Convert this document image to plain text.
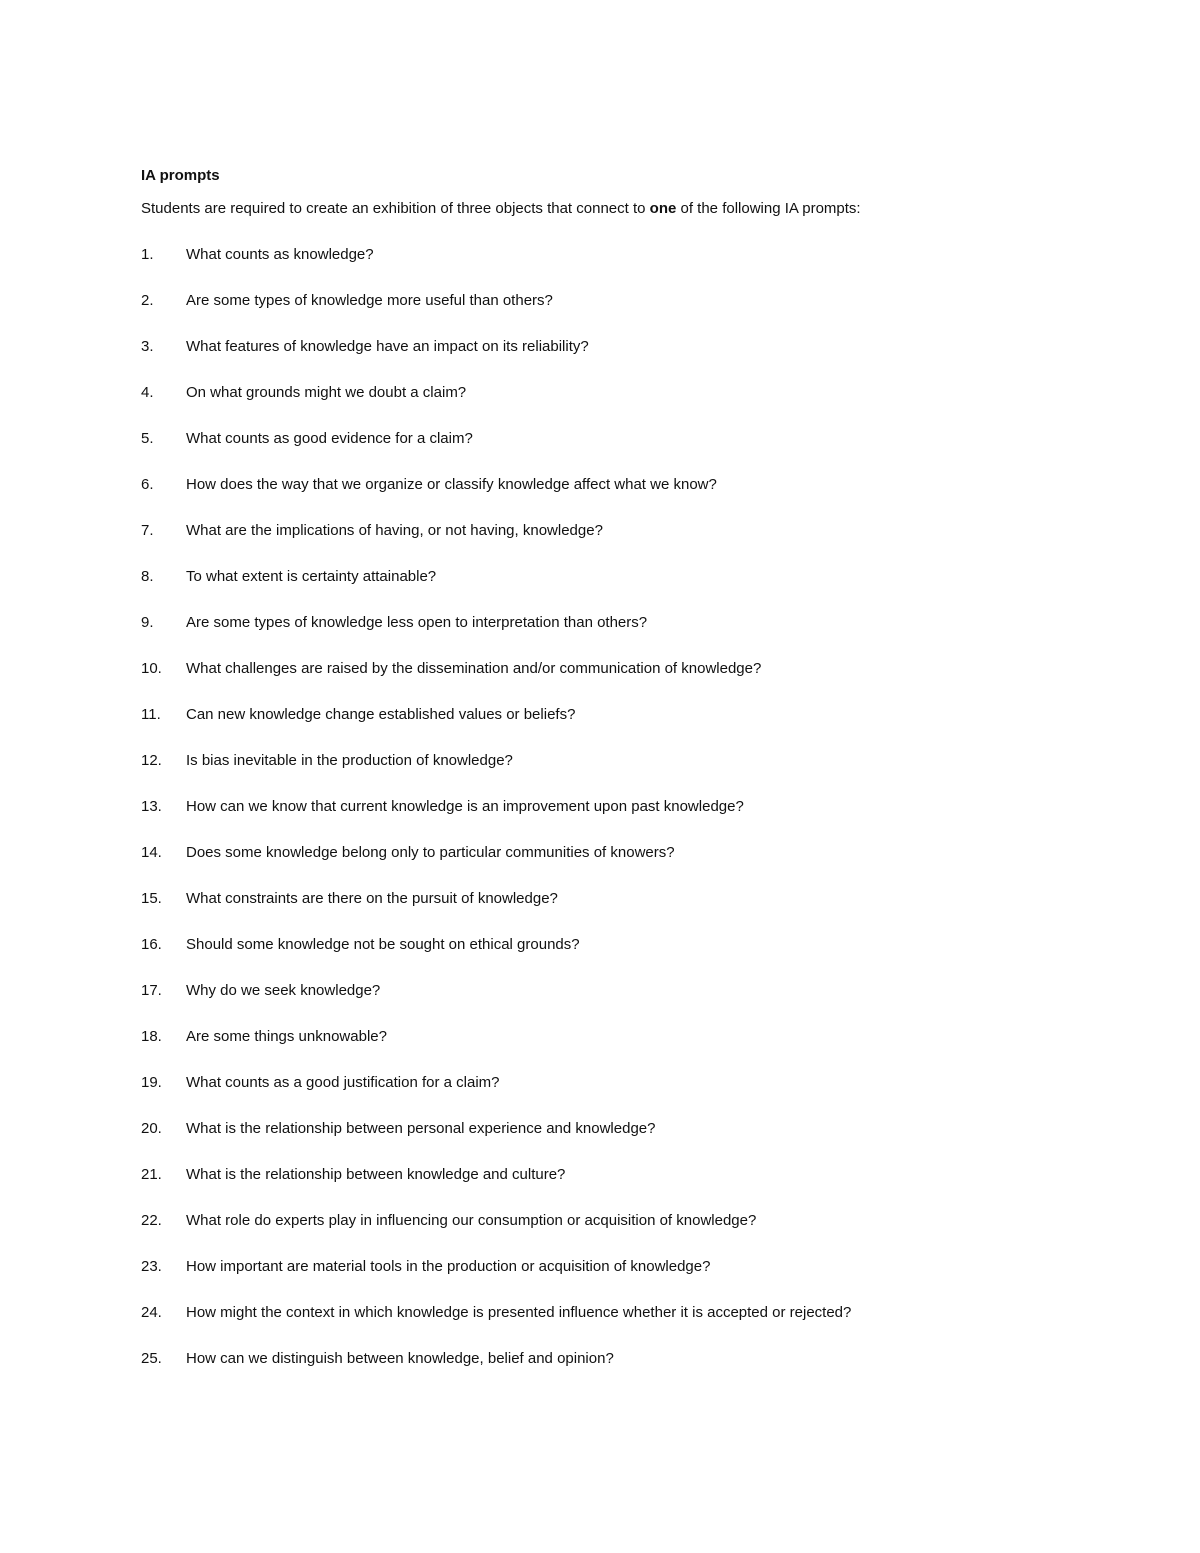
IA prompts
Students are required to create an exhibition of three objects that connect to one of the following IA prompts:
1.	What counts as knowledge?
2.	Are some types of knowledge more useful than others?
3.	What features of knowledge have an impact on its reliability?
4.	On what grounds might we doubt a claim?
5.	What counts as good evidence for a claim?
6.	How does the way that we organize or classify knowledge affect what we know?
7.	What are the implications of having, or not having, knowledge?
8.	To what extent is certainty attainable?
9.	Are some types of knowledge less open to interpretation than others?
10.	What challenges are raised by the dissemination and/or communication of knowledge?
11.	Can new knowledge change established values or beliefs?
12.	Is bias inevitable in the production of knowledge?
13.	How can we know that current knowledge is an improvement upon past knowledge?
14.	Does some knowledge belong only to particular communities of knowers?
15.	What constraints are there on the pursuit of knowledge?
16.	Should some knowledge not be sought on ethical grounds?
17.	Why do we seek knowledge?
18.	Are some things unknowable?
19.	What counts as a good justification for a claim?
20.	What is the relationship between personal experience and knowledge?
21.	What is the relationship between knowledge and culture?
22.	What role do experts play in influencing our consumption or acquisition of knowledge?
23.	How important are material tools in the production or acquisition of knowledge?
24.	How might the context in which knowledge is presented influence whether it is accepted or rejected?
25.	How can we distinguish between knowledge, belief and opinion?
